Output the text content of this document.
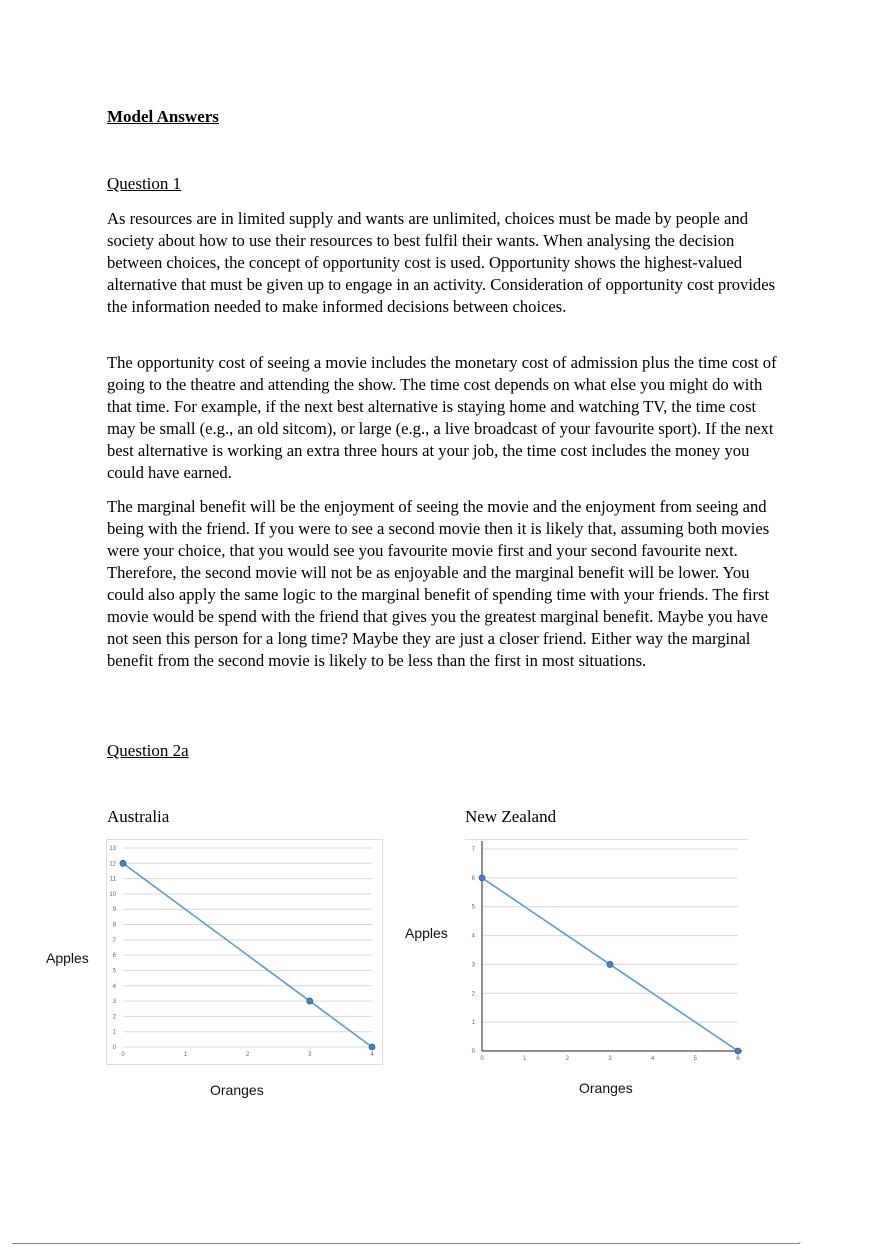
Model Answers
Question 1

As resources are in limited supply and wants are unlimited, choices must be made by people and society about how to use their resources to best fulfil their wants. When analysing the decision between choices, the concept of opportunity cost is used. Opportunity shows the highest-valued alternative that must be given up to engage in an activity. Consideration of opportunity cost provides the information needed to make informed decisions between choices.

The opportunity cost of seeing a movie includes the monetary cost of admission plus the time cost of going to the theatre and attending the show. The time cost depends on what else you might do with that time. For example, if the next best alternative is staying home and watching TV, the time cost may be small (e.g., an old sitcom), or large (e.g., a live broadcast of your favourite sport). If the next best alternative is working an extra three hours at your job, the time cost includes the money you could have earned.

The marginal benefit will be the enjoyment of seeing the movie and the enjoyment from seeing and being with the friend. If you were to see a second movie then it is likely that, assuming both movies were your choice, that you would see you favourite movie first and your second favourite next. Therefore, the second movie will not be as enjoyable and the marginal benefit will be lower. You could also apply the same logic to the marginal benefit of spending time with your friends. The first movie would be spend with the friend that gives you the greatest marginal benefit. Maybe you have not seen this person for a long time? Maybe they are just a closer friend. Either way the marginal benefit from the second movie is likely to be less than the first in most situations.

Question 2a
Australia
Apples
0
1
2
3
4
5
6
7
8
9
10
11
12
13
0	1	2	3	4
Oranges
New Zealand
Apples
0
1
2
3
4
5
6
7
0	1	2	3	4	5	6
Oranges
.
